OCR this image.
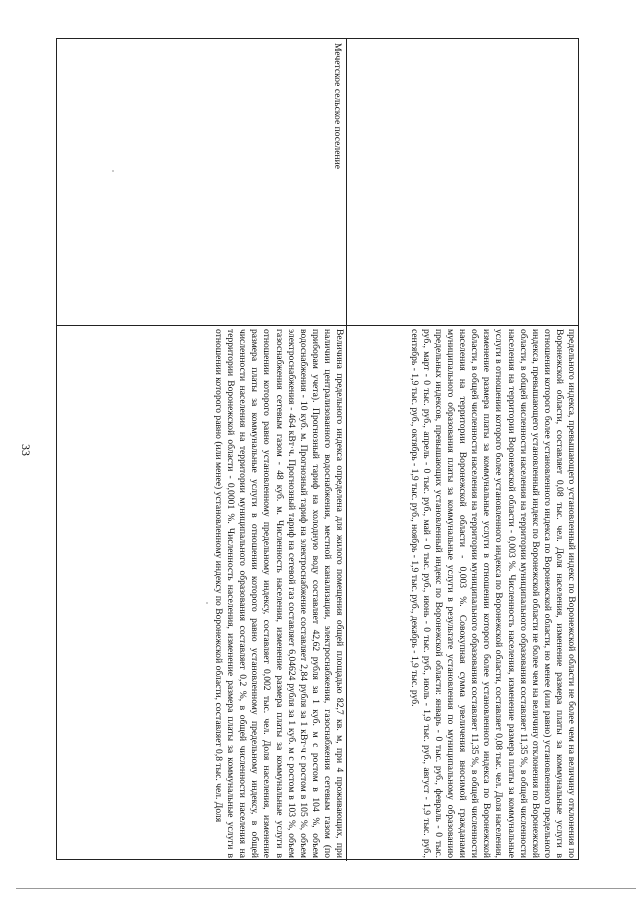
33	предельного индекса, превышающего установленный индекс по Воронежской области не более чем на величину отклонения по Воронежской области, составляет 0,08 тыс. чел. Доля населения, изменение размера платы за коммунальные услуги в отношении которого более установленного индекса по Воронежской области, но менее (или равно) установленного предельного индекса, превышающего установленный индекс по Воронежской области не более чем на величину отклонения по Воронежской области, в общей численности населения на территории муниципального образования составляет 11,35 %, в общей численности населения на территории Воронежской области - 0,003 %. Численность населения, изменение размера платы за коммунальные услуги в отношении которого более установленного индекса по Воронежской области, составляет 0,08 тыс. чел. Доля населения, изменение размера платы за коммунальные услуги в отношении которого более установленного индекса по Воронежской области, в общей численности населения на территории муниципального образования составляет 11,35 %, в общей численности населения на территории Воронежской области - 0,003 %. Совокупная сумма увеличения вносимой гражданами муниципального образования платы за коммунальные услуги в результате установления по муниципальному образованию предельных индексов, превышающих установленный индекс по Воронежской области: январь - 0 тыс. руб., февраль - 0 тыс. руб., март - 0 тыс. руб., апрель - 0 тыс. руб., май - 0 тыс. руб., июнь - 0 тыс. руб., июль - 1,9 тыс. руб., август - 1,9 тыс. руб., сентябрь - 1,9 тыс. руб., октябрь - 1,9 тыс. руб., ноябрь - 1,9 тыс. руб., декабрь - 1,9 тыс. руб.
Мечетское сельское поселение
Величина предельного индекса определена для жилого помещения общей площадью 82,7 кв. м, при 4 проживающих, при наличии централизованного водоснабжения, местной канализации, электроснабжения, газоснабжения сетевым газом (по приборам учета). Прогнозный тариф на холодную воду составляет 42,62 рубля за 1 куб. м с ростом в 104 %, объем водоснабжения - 10 куб. м. Прогнозный тариф на электроснабжение составляет 2,84 рубля за 1 кВт·ч с ростом в 105 %, объем электроснабжения - 464 кВт·ч. Прогнозный тариф на сетевой газ составляет 6,04624 рубля за 1 куб. м с ростом в 103 %, объем газоснабжения сетевым газом - 48 куб. м. Численность населения, изменение размера платы за коммунальные услуги в отношении которого равно установленному предельному индексу, составляет 0,002 тыс. чел. Доля населения, изменение размера платы за коммунальные услуги в отношении которого равно установленному предельному индексу, в общей численности населения на территории муниципального образования составляет 0,2 %, в общей численности населения на территории Воронежской области - 0,0001 %. Численность населения, изменение размера платы за коммунальные услуги в отношении которого равно (или менее) установленному индексу по Воронежской области, составляет 0,8 тыс. чел. Доля
